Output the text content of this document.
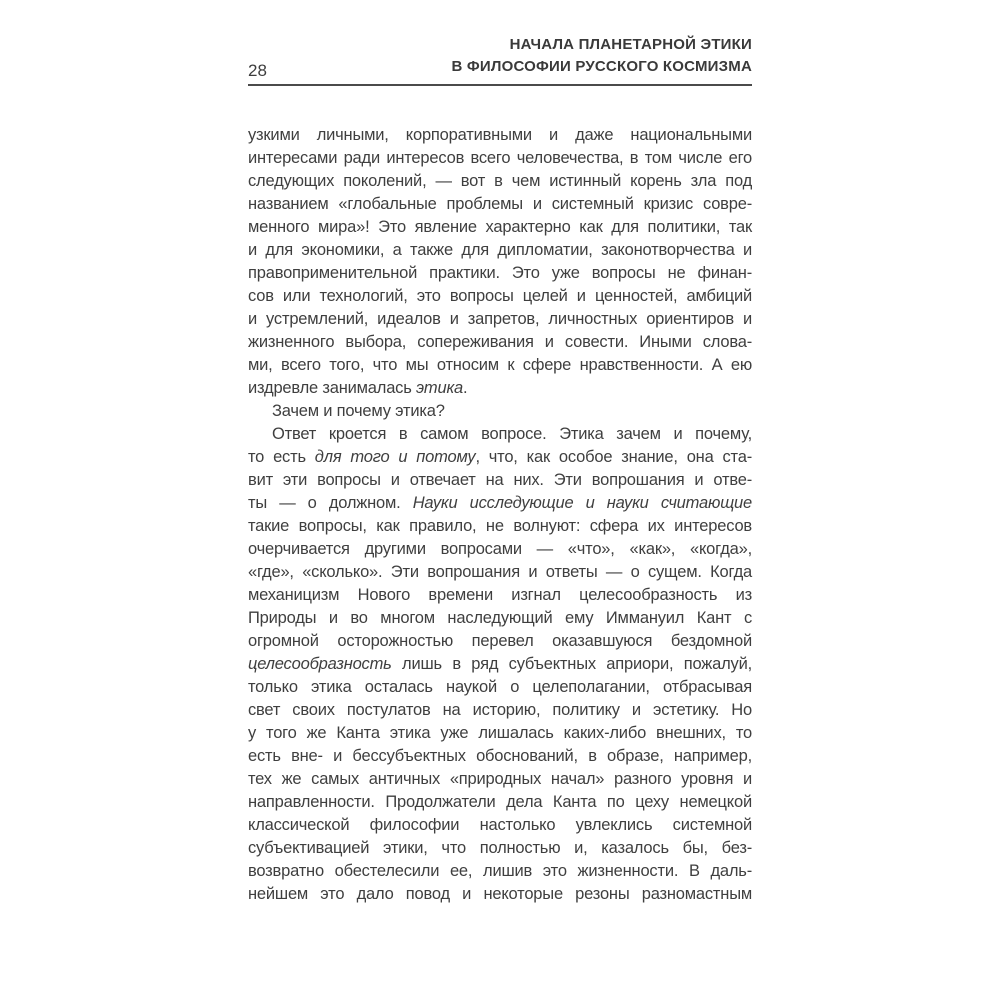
28
НАЧАЛА ПЛАНЕТАРНОЙ ЭТИКИ
В ФИЛОСОФИИ РУССКОГО КОСМИЗМА
узкими личными, корпоративными и даже национальными
интересами ради интересов всего человечества, в том числе его
следующих поколений, — вот в чем истинный корень зла под
названием «глобальные проблемы и системный кризис совре-
менного мира»! Это явление характерно как для политики, так
и для экономики, а также для дипломатии, законотворчества и
правоприменительной практики. Это уже вопросы не финан-
сов или технологий, это вопросы целей и ценностей, амбиций
и устремлений, идеалов и запретов, личностных ориентиров и
жизненного выбора, сопереживания и совести. Иными слова-
ми, всего того, что мы относим к сфере нравственности. А ею
издревле занималась этика.
Зачем и почему этика?
Ответ кроется в самом вопросе. Этика зачем и почему,
то есть для того и потому, что, как особое знание, она ста-
вит эти вопросы и отвечает на них. Эти вопрошания и отве-
ты — о должном. Науки исследующие и науки считающие
такие вопросы, как правило, не волнуют: сфера их интересов
очерчивается другими вопросами — «что», «как», «когда»,
«где», «сколько». Эти вопрошания и ответы — о сущем. Когда
механицизм Нового времени изгнал целесообразность из
Природы и во многом наследующий ему Иммануил Кант с
огромной осторожностью перевел оказавшуюся бездомной
целесообразность лишь в ряд субъектных априори, пожалуй,
только этика осталась наукой о целеполагании, отбрасывая
свет своих постулатов на историю, политику и эстетику. Но
у того же Канта этика уже лишалась каких-либо внешних, то
есть вне- и бессубъектных обоснований, в образе, например,
тех же самых античных «природных начал» разного уровня и
направленности. Продолжатели дела Канта по цеху немецкой
классической философии настолько увлеклись системной
субъективацией этики, что полностью и, казалось бы, без-
возвратно обестелесили ее, лишив это жизненности. В даль-
нейшем это дало повод и некоторые резоны разномастным
